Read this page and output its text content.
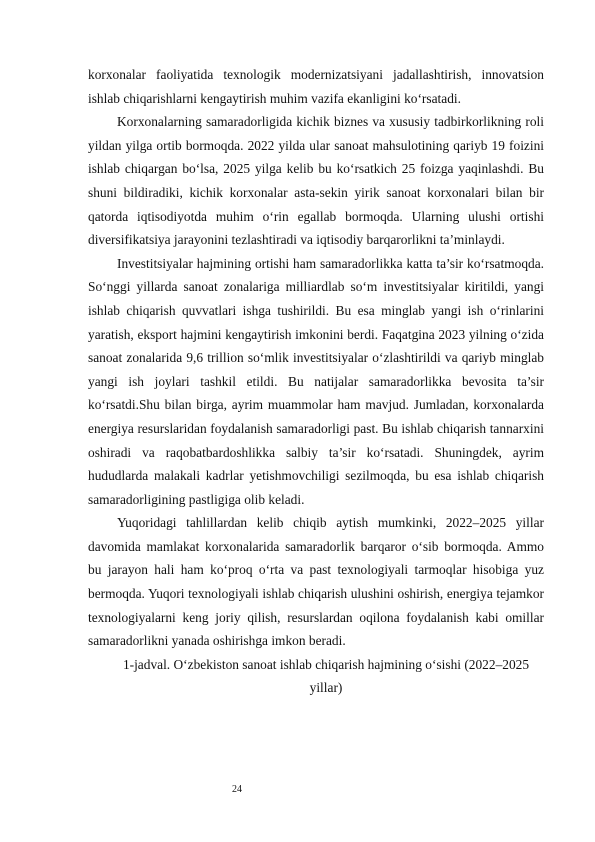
korxonalar faoliyatida texnologik modernizatsiyani jadallashtirish, innovatsion ishlab chiqarishlarni kengaytirish muhim vazifa ekanligini ko‘rsatadi.

Korxonalarning samaradorligida kichik biznes va xususiy tadbirkorlikning roli yildan yilga ortib bormoqda. 2022 yilda ular sanoat mahsulotining qariyb 19 foizini ishlab chiqargan bo‘lsa, 2025 yilga kelib bu ko‘rsatkich 25 foizga yaqinlashdi. Bu shuni bildiradiki, kichik korxonalar asta-sekin yirik sanoat korxonalari bilan bir qatorda iqtisodiyotda muhim o‘rin egallab bormoqda. Ularning ulushi ortishi diversifikatsiya jarayonini tezlashtiradi va iqtisodiy barqarorlikni ta’minlaydi.

Investitsiyalar hajmining ortishi ham samaradorlikka katta ta’sir ko‘rsatmoqda. So‘nggi yillarda sanoat zonalariga milliardlab so‘m investitsiyalar kiritildi, yangi ishlab chiqarish quvvatlari ishga tushirildi. Bu esa minglab yangi ish o‘rinlarini yaratish, eksport hajmini kengaytirish imkonini berdi. Faqatgina 2023 yilning o‘zida sanoat zonalarida 9,6 trillion so‘mlik investitsiyalar o‘zlashtirildi va qariyb minglab yangi ish joylari tashkil etildi. Bu natijalar samaradorlikka bevosita ta’sir ko‘rsatdi.Shu bilan birga, ayrim muammolar ham mavjud. Jumladan, korxonalarda energiya resurslaridan foydalanish samaradorligi past. Bu ishlab chiqarish tannarxini oshiradi va raqobatbardoshlikka salbiy ta’sir ko‘rsatadi. Shuningdek, ayrim hududlarda malakali kadrlar yetishmovchiligi sezilmoqda, bu esa ishlab chiqarish samaradorligining pastligiga olib keladi.

Yuqoridagi tahlillardan kelib chiqib aytish mumkinki, 2022–2025 yillar davomida mamlakat korxonalarida samaradorlik barqaror o‘sib bormoqda. Ammo bu jarayon hali ham ko‘proq o‘rta va past texnologiyali tarmoqlar hisobiga yuz bermoqda. Yuqori texnologiyali ishlab chiqarish ulushini oshirish, energiya tejamkor texnologiyalarni keng joriy qilish, resurslardan oqilona foydalanish kabi omillar samaradorlikni yanada oshirishga imkon beradi.

1-jadval. O‘zbekiston sanoat ishlab chiqarish hajmining o‘sishi (2022–2025 yillar)

24
